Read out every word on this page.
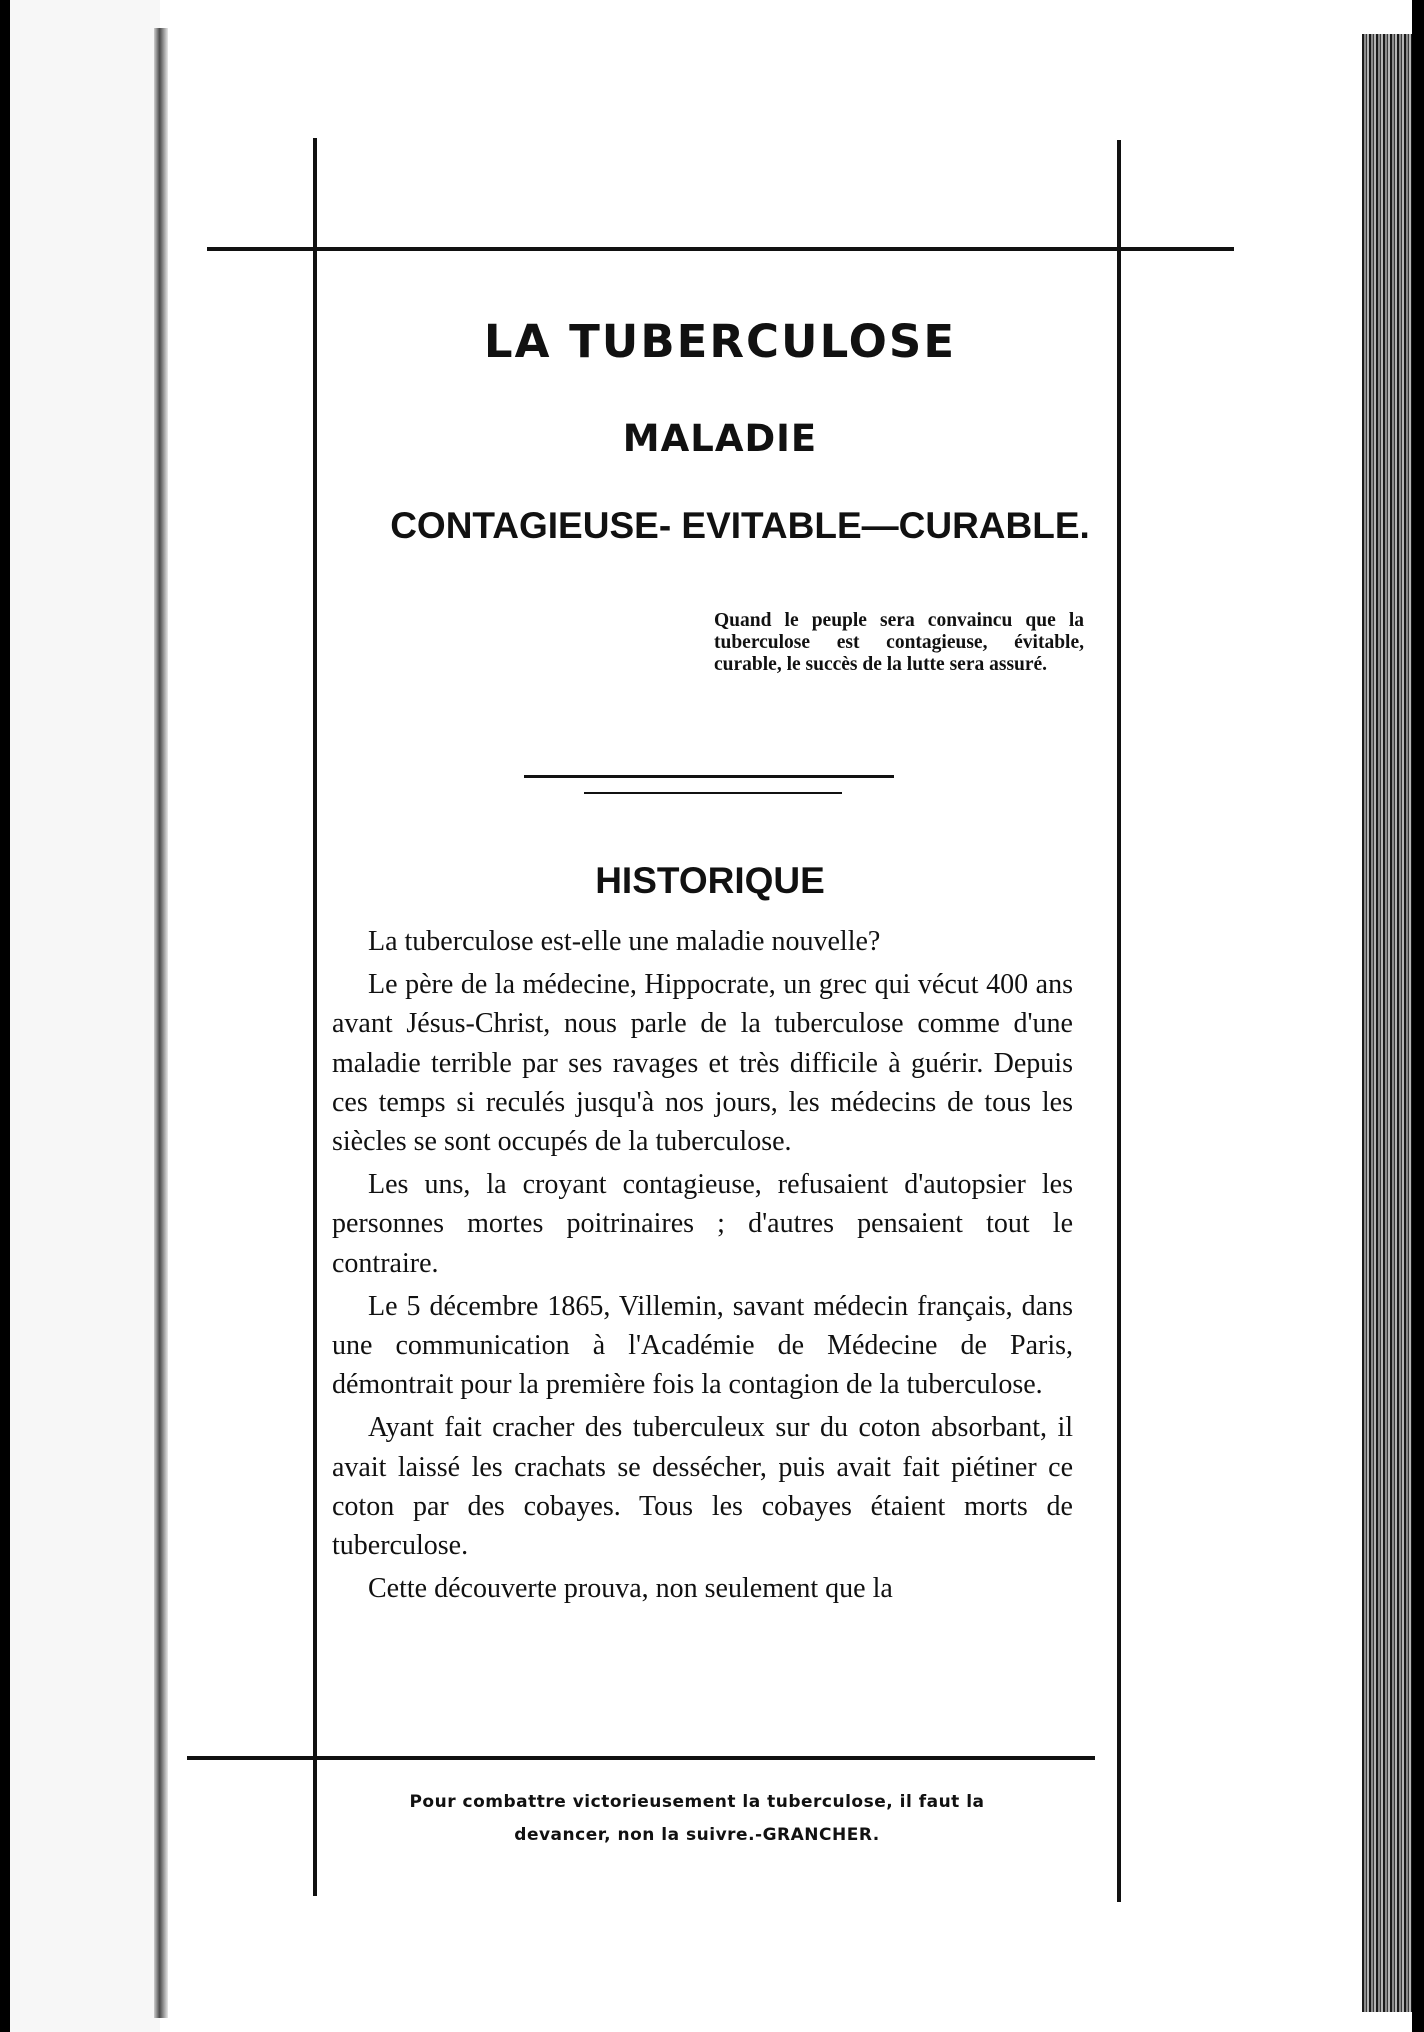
LA TUBERCULOSE
MALADIE
CONTAGIEUSE- EVITABLE—CURABLE.

Quand le peuple sera convaincu que la tuberculose est contagieuse, évitable, curable, le succès de la lutte sera assuré.

HISTORIQUE

La tuberculose est-elle une maladie nouvelle?

Le père de la médecine, Hippocrate, un grec qui vécut 400 ans avant Jésus-Christ, nous parle de la tuberculose comme d'une maladie terrible par ses ravages et très difficile à guérir. Depuis ces temps si reculés jusqu'à nos jours, les médecins de tous les siècles se sont occupés de la tuberculose.

Les uns, la croyant contagieuse, refusaient d'autopsier les personnes mortes poitrinaires ; d'autres pensaient tout le contraire.

Le 5 décembre 1865, Villemin, savant médecin français, dans une communication à l'Académie de Médecine de Paris, démontrait pour la première fois la contagion de la tuberculose.

Ayant fait cracher des tuberculeux sur du coton absorbant, il avait laissé les crachats se dessécher, puis avait fait piétiner ce coton par des cobayes. Tous les cobayes étaient morts de tuberculose.

Cette découverte prouva, non seulement que la

Pour combattre victorieusement la tuberculose, il faut la
devancer, non la suivre.-GRANCHER.
